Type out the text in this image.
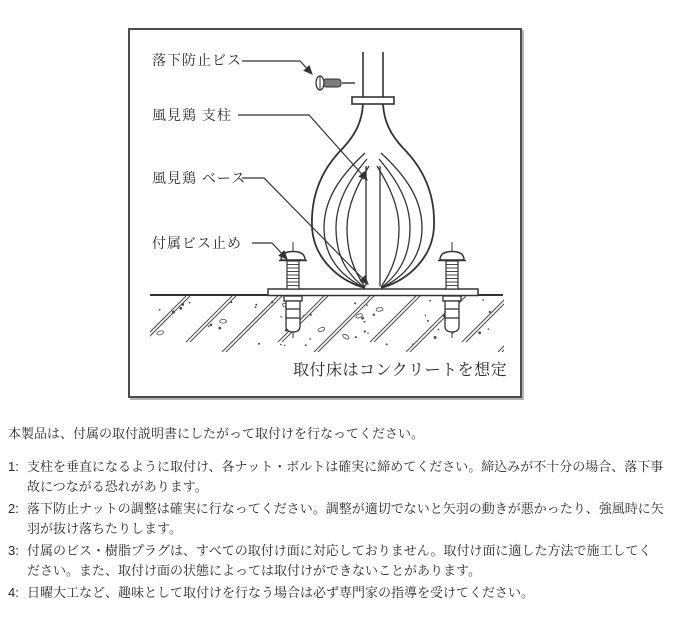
落下防止ビス
風見鶏 支柱
風見鶏 ベース
付属ビス止め
取付床はコンクリートを想定

本製品は、付属の取付説明書にしたがって取付けを行なってください。

1: 支柱を垂直になるように取付け、各ナット・ボルトは確実に締めてください。締込みが不十分の場合、落下事故につながる恐れがあります。
2: 落下防止ナットの調整は確実に行なってください。調整が適切でないと矢羽の動きが悪かったり、強風時に矢羽が抜け落ちたりします。
3: 付属のビス・樹脂プラグは、すべての取付け面に対応しておりません。取付け面に適した方法で施工してください。また、取付け面の状態によっては取付けができないことがあります。
4: 日曜大工など、趣味として取付けを行なう場合は必ず専門家の指導を受けてください。
